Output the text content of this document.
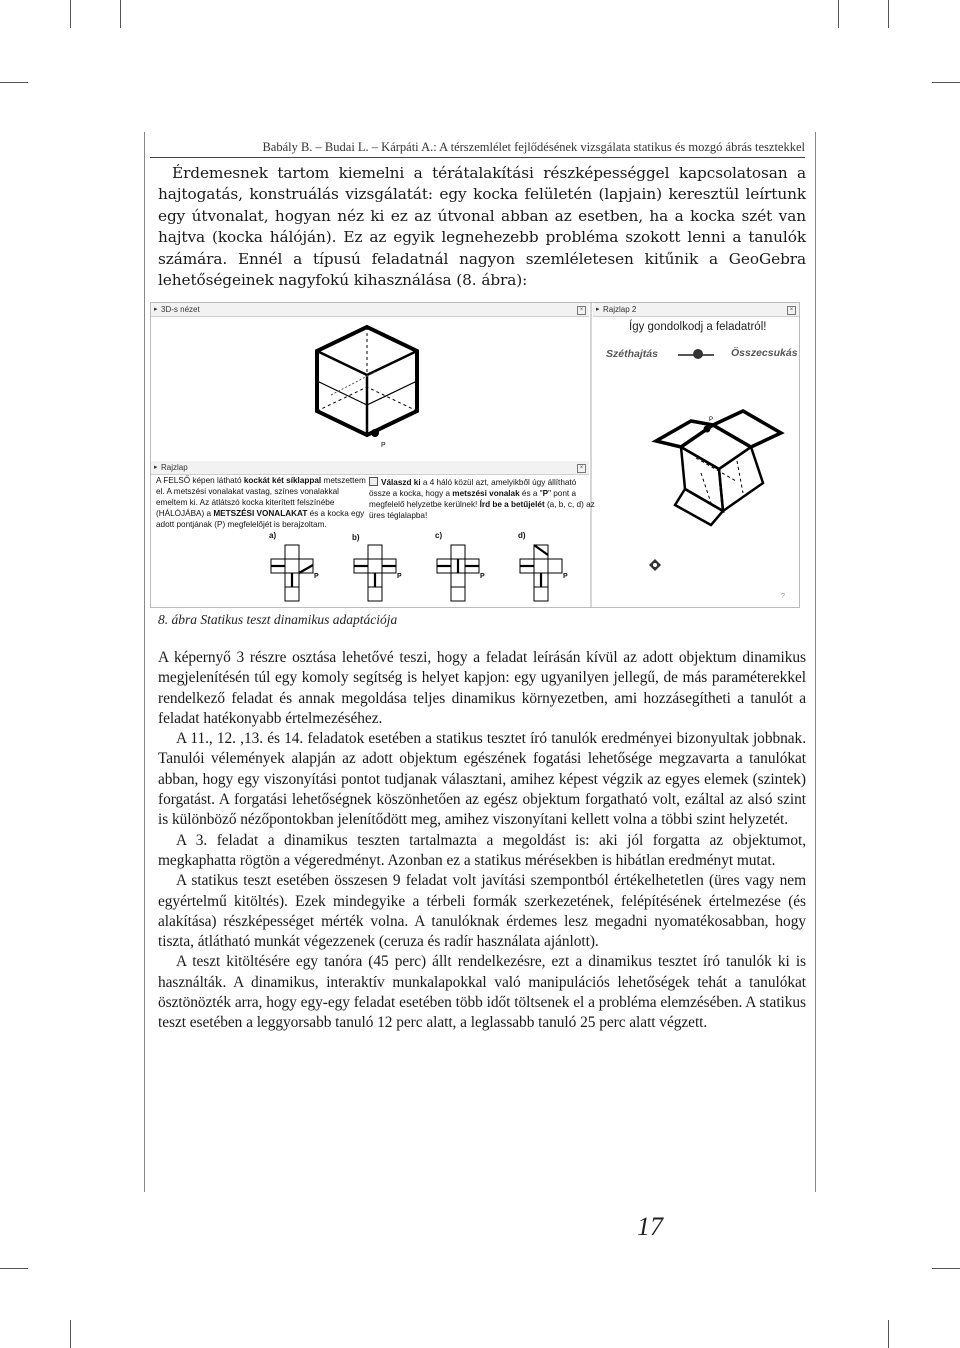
Babály B. – Budai L. – Kárpáti A.: A térszemlélet fejlődésének vizsgálata statikus és mozgó ábrás tesztekkel
Érdemesnek tartom kiemelni a térátalakítási részképességgel kapcsolatosan a hajtogatás, konstruálás vizsgálatát: egy kocka felületén (lapjain) keresztül leírtunk egy útvonalat, hogyan néz ki ez az útvonal abban az esetben, ha a kocka szét van hajtva (kocka hálóján). Ez az egyik legnehezebb probléma szokott lenni a tanulók számára. Ennél a típusú feladatnál nagyon szemléletesen kitűnik a GeoGebra lehetőségeinek nagyfokú kihasználása (8. ábra):
▸ 3D-s nézet	×	▸ Rajzlap 2	×
▸ Rajzlap	×
P
Így gondolkodj a feladatról!
Széthajtás	Összecsukás
P
?
A FELSŐ képen látható kockát két síklappal metszettem el. A metszési vonalakat vastag, színes vonalakkal emeltem ki. Az átlátszó kocka kiterített felszínébe (HÁLÓJÁBA) a METSZÉSI VONALAKAT és a kocka egy adott pontjának (P) megfelelőjét is berajzoltam.
Válaszd ki a 4 háló közül azt, amelyikből úgy állítható össze a kocka, hogy a metszési vonalak és a "P" pont a megfelelő helyzetbe kerülnek! Írd be a betűjelét (a, b, c, d) az üres téglalapba!
a)	b)	c)	d)
P	P	P	P
8. ábra Statikus teszt dinamikus adaptációja

A képernyő 3 részre osztása lehetővé teszi, hogy a feladat leírásán kívül az adott objektum dinamikus megjelenítésén túl egy komoly segítség is helyet kapjon: egy ugyanilyen jellegű, de más paraméterekkel rendelkező feladat és annak megoldása teljes dinamikus környezetben, ami hozzásegítheti a tanulót a feladat hatékonyabb értelmezéséhez.

A 11., 12. ,13. és 14. feladatok esetében a statikus tesztet író tanulók eredményei bizonyultak jobbnak. Tanulói vélemények alapján az adott objektum egészének fogatási lehetősége megzavarta a tanulókat abban, hogy egy viszonyítási pontot tudjanak választani, amihez képest végzik az egyes elemek (szintek) forgatást. A forgatási lehetőségnek köszönhetően az egész objektum forgatható volt, ezáltal az alsó szint is különböző nézőpontokban jelenítődött meg, amihez viszonyítani kellett volna a többi szint helyzetét.

A 3. feladat a dinamikus teszten tartalmazta a megoldást is: aki jól forgatta az objektumot, megkaphatta rögtön a végeredményt. Azonban ez a statikus mérésekben is hibátlan eredményt mutat.

A statikus teszt esetében összesen 9 feladat volt javítási szempontból értékelhetetlen (üres vagy nem egyértelmű kitöltés). Ezek mindegyike a térbeli formák szerkezetének, felépítésének értelmezése (és alakítása) részképességet mérték volna. A tanulóknak érdemes lesz megadni nyomatékosabban, hogy tiszta, átlátható munkát végezzenek (ceruza és radír használata ajánlott).

A teszt kitöltésére egy tanóra (45 perc) állt rendelkezésre, ezt a dinamikus tesztet író tanulók ki is használták. A dinamikus, interaktív munkalapokkal való manipulációs lehetőségek tehát a tanulókat ösztönözték arra, hogy egy-egy feladat esetében több időt töltsenek el a probléma elemzésében. A statikus teszt esetében a leggyorsabb tanuló 12 perc alatt, a leglassabb tanuló 25 perc alatt végzett.

17
